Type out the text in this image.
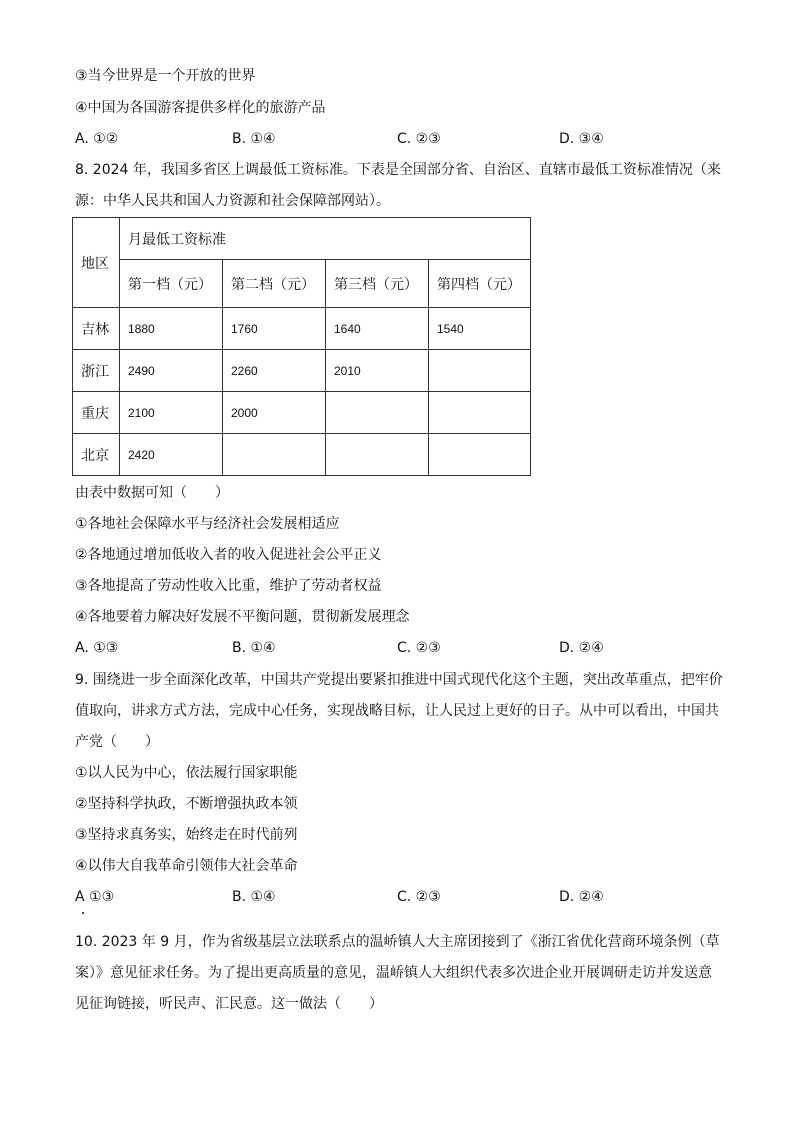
③当今世界是一个开放的世界
④中国为各国游客提供多样化的旅游产品
A. ①②	B. ①④	C. ②③	D. ③④
8. 2024 年，我国多省区上调最低工资标准。下表是全国部分省、自治区、直辖市最低工资标准情况（来
源：中华人民共和国人力资源和社会保障部网站）。
地区	月最低工资标准			
	第一档（元）	第二档（元）	第三档（元）	第四档（元）
吉林	1880	1760	1640	1540
浙江	2490	2260	2010	
重庆	2100	2000		
北京	2420			
由表中数据可知（　　）
①各地社会保障水平与经济社会发展相适应
②各地通过增加低收入者的收入促进社会公平正义
③各地提高了劳动性收入比重，维护了劳动者权益
④各地要着力解决好发展不平衡问题，贯彻新发展理念
A. ①③	B. ①④	C. ②③	D. ②④
9. 围绕进一步全面深化改革，中国共产党提出要紧扣推进中国式现代化这个主题，突出改革重点，把牢价
值取向，讲求方式方法，完成中心任务，实现战略目标，让人民过上更好的日子。从中可以看出，中国共
产党（　　）
①以人民为中心，依法履行国家职能
②坚持科学执政，不断增强执政本领
③坚持求真务实，始终走在时代前列
④以伟大自我革命引领伟大社会革命
A ①③	B. ①④	C. ②③	D. ②④
10. 2023 年 9 月，作为省级基层立法联系点的温峤镇人大主席团接到了《浙江省优化营商环境条例（草
案）》意见征求任务。为了提出更高质量的意见，温峤镇人大组织代表多次进企业开展调研走访并发送意
见征询链接，听民声、汇民意。这一做法（　　）
